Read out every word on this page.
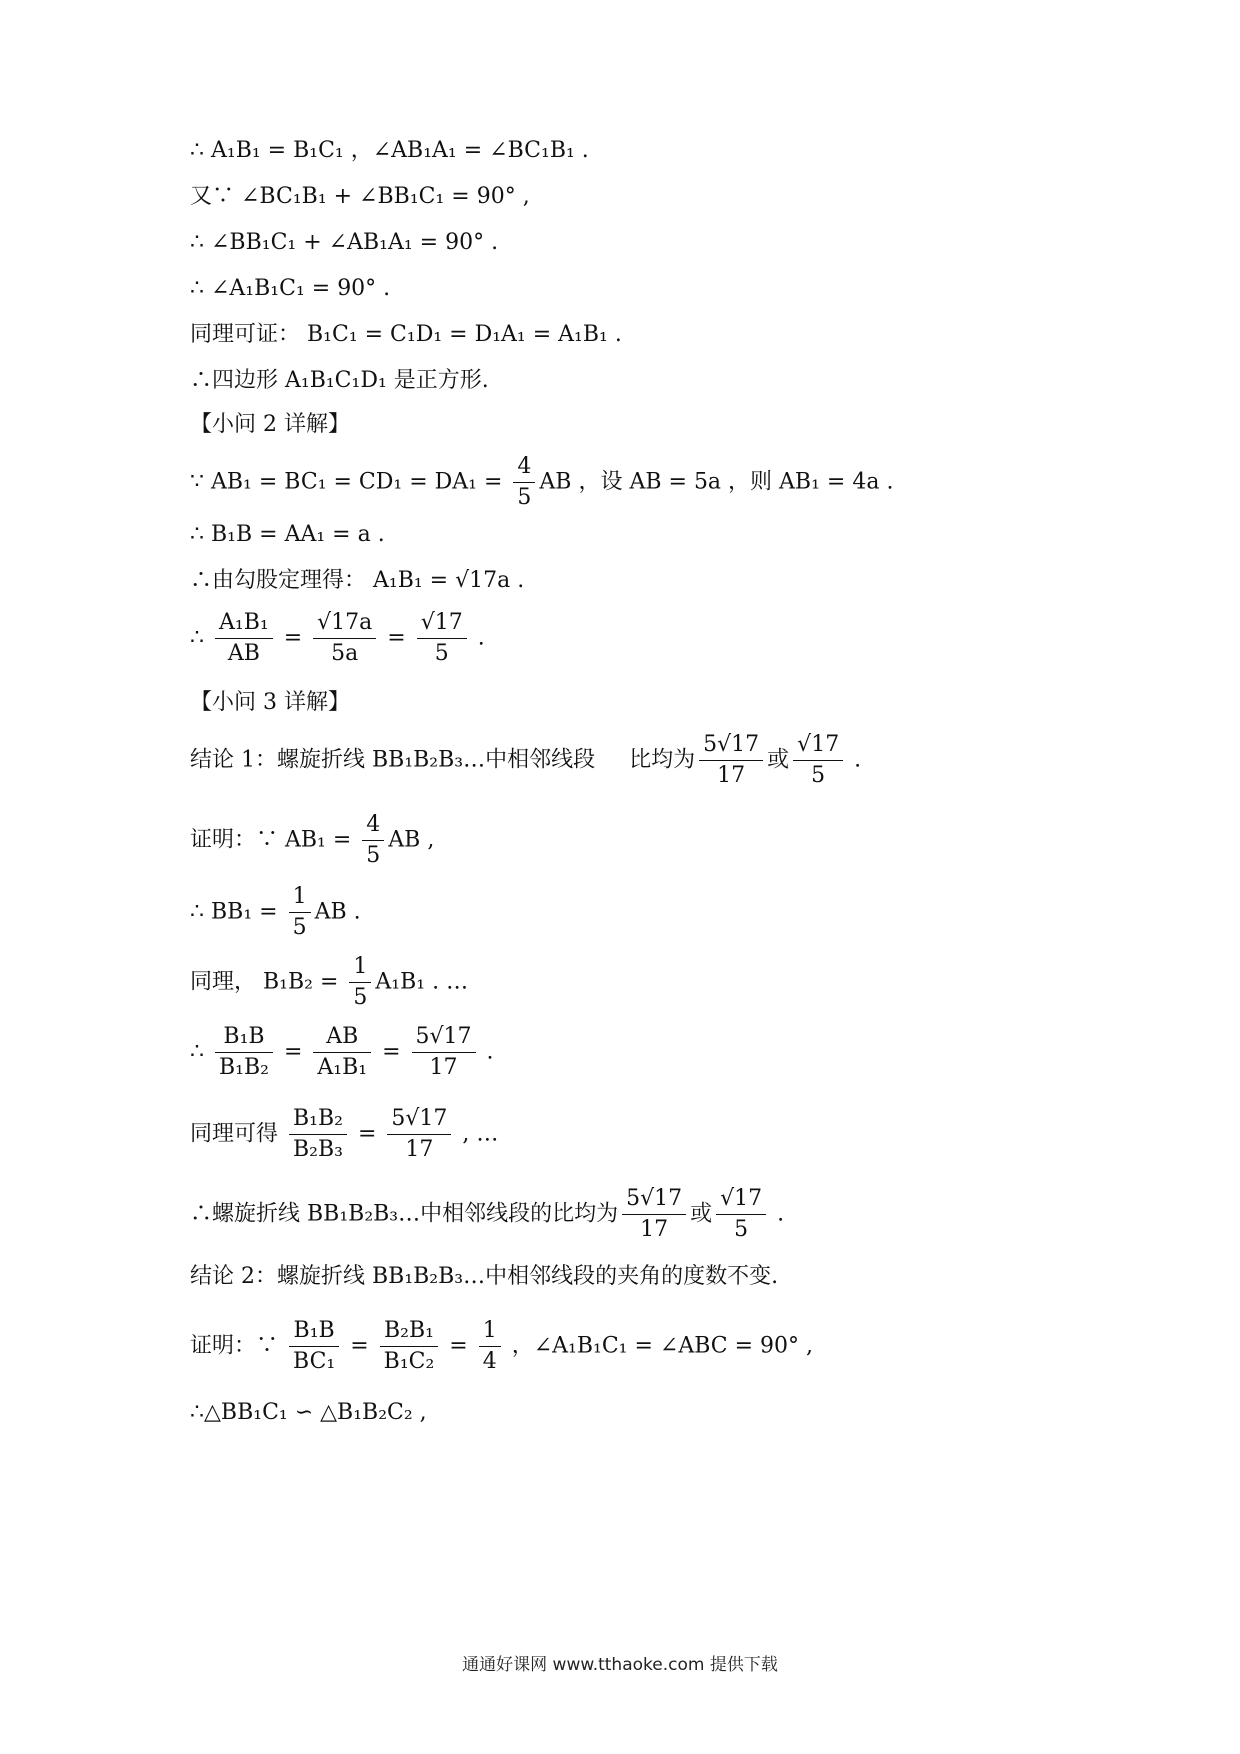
∴ A₁B₁ = B₁C₁ ，∠AB₁A₁ = ∠BC₁B₁ .
又∵ ∠BC₁B₁ + ∠BB₁C₁ = 90° ,
∴ ∠BB₁C₁ + ∠AB₁A₁ = 90° .
∴ ∠A₁B₁C₁ = 90° .
同理可证： B₁C₁ = C₁D₁ = D₁A₁ = A₁B₁ .
∴四边形 A₁B₁C₁D₁ 是正方形.
【小问 2 详解】
∵ $AB_1 = BC_1 = CD_1 = DA_1 = \frac{4}{5}$ AB ，设 AB = 5a ，则 AB₁ = 4a .
∴ B₁B = AA₁ = a .
∴由勾股定理得： A₁B₁ = √17a .
∴ $\frac{\text{A₁B₁}}{AB} = \frac{√17a}{5a} = \frac{√17}{5}$ .
【小问 3 详解】
结论 1：螺旋折线 BB₁B₂B₃…中相邻线段 比均为 $\frac{5√17}{17}$ 或 $\frac{√17}{5}$ .
证明：∵ $AB_1 = \frac{4}{5}$ AB ,
∴ $BB_1 = \frac{1}{5}$ AB .
同理， $B_1B_2 = \frac{1}{5} A_1B_1$ . …
∴ $\frac{\text{B₁B}}{\text{B₁B₂}} = \frac{AB}{\text{A₁B₁}} = \frac{5√17}{17}$ .
同理可得 $\frac{\text{B₁B₂}}{\text{B₂B₃}} = \frac{5√17}{17}$ , …
∴螺旋折线 BB₁B₂B₃…中相邻线段的比均为 $\frac{5√17}{17}$ 或 $\frac{√17}{5}$ .
结论 2：螺旋折线 BB₁B₂B₃…中相邻线段的夹角的度数不变.
证明：∵ $\frac{\text{B₁B}}{\text{BC₁}} = \frac{\text{B₂B₁}}{\text{B₁C₂}} = \frac{1}{4}$ ，∠A₁B₁C₁ = ∠ABC = 90° ,
∴△BB₁C₁ ∽ △B₁B₂C₂ ,
通通好课网 www.tthaoke.com 提供下载
